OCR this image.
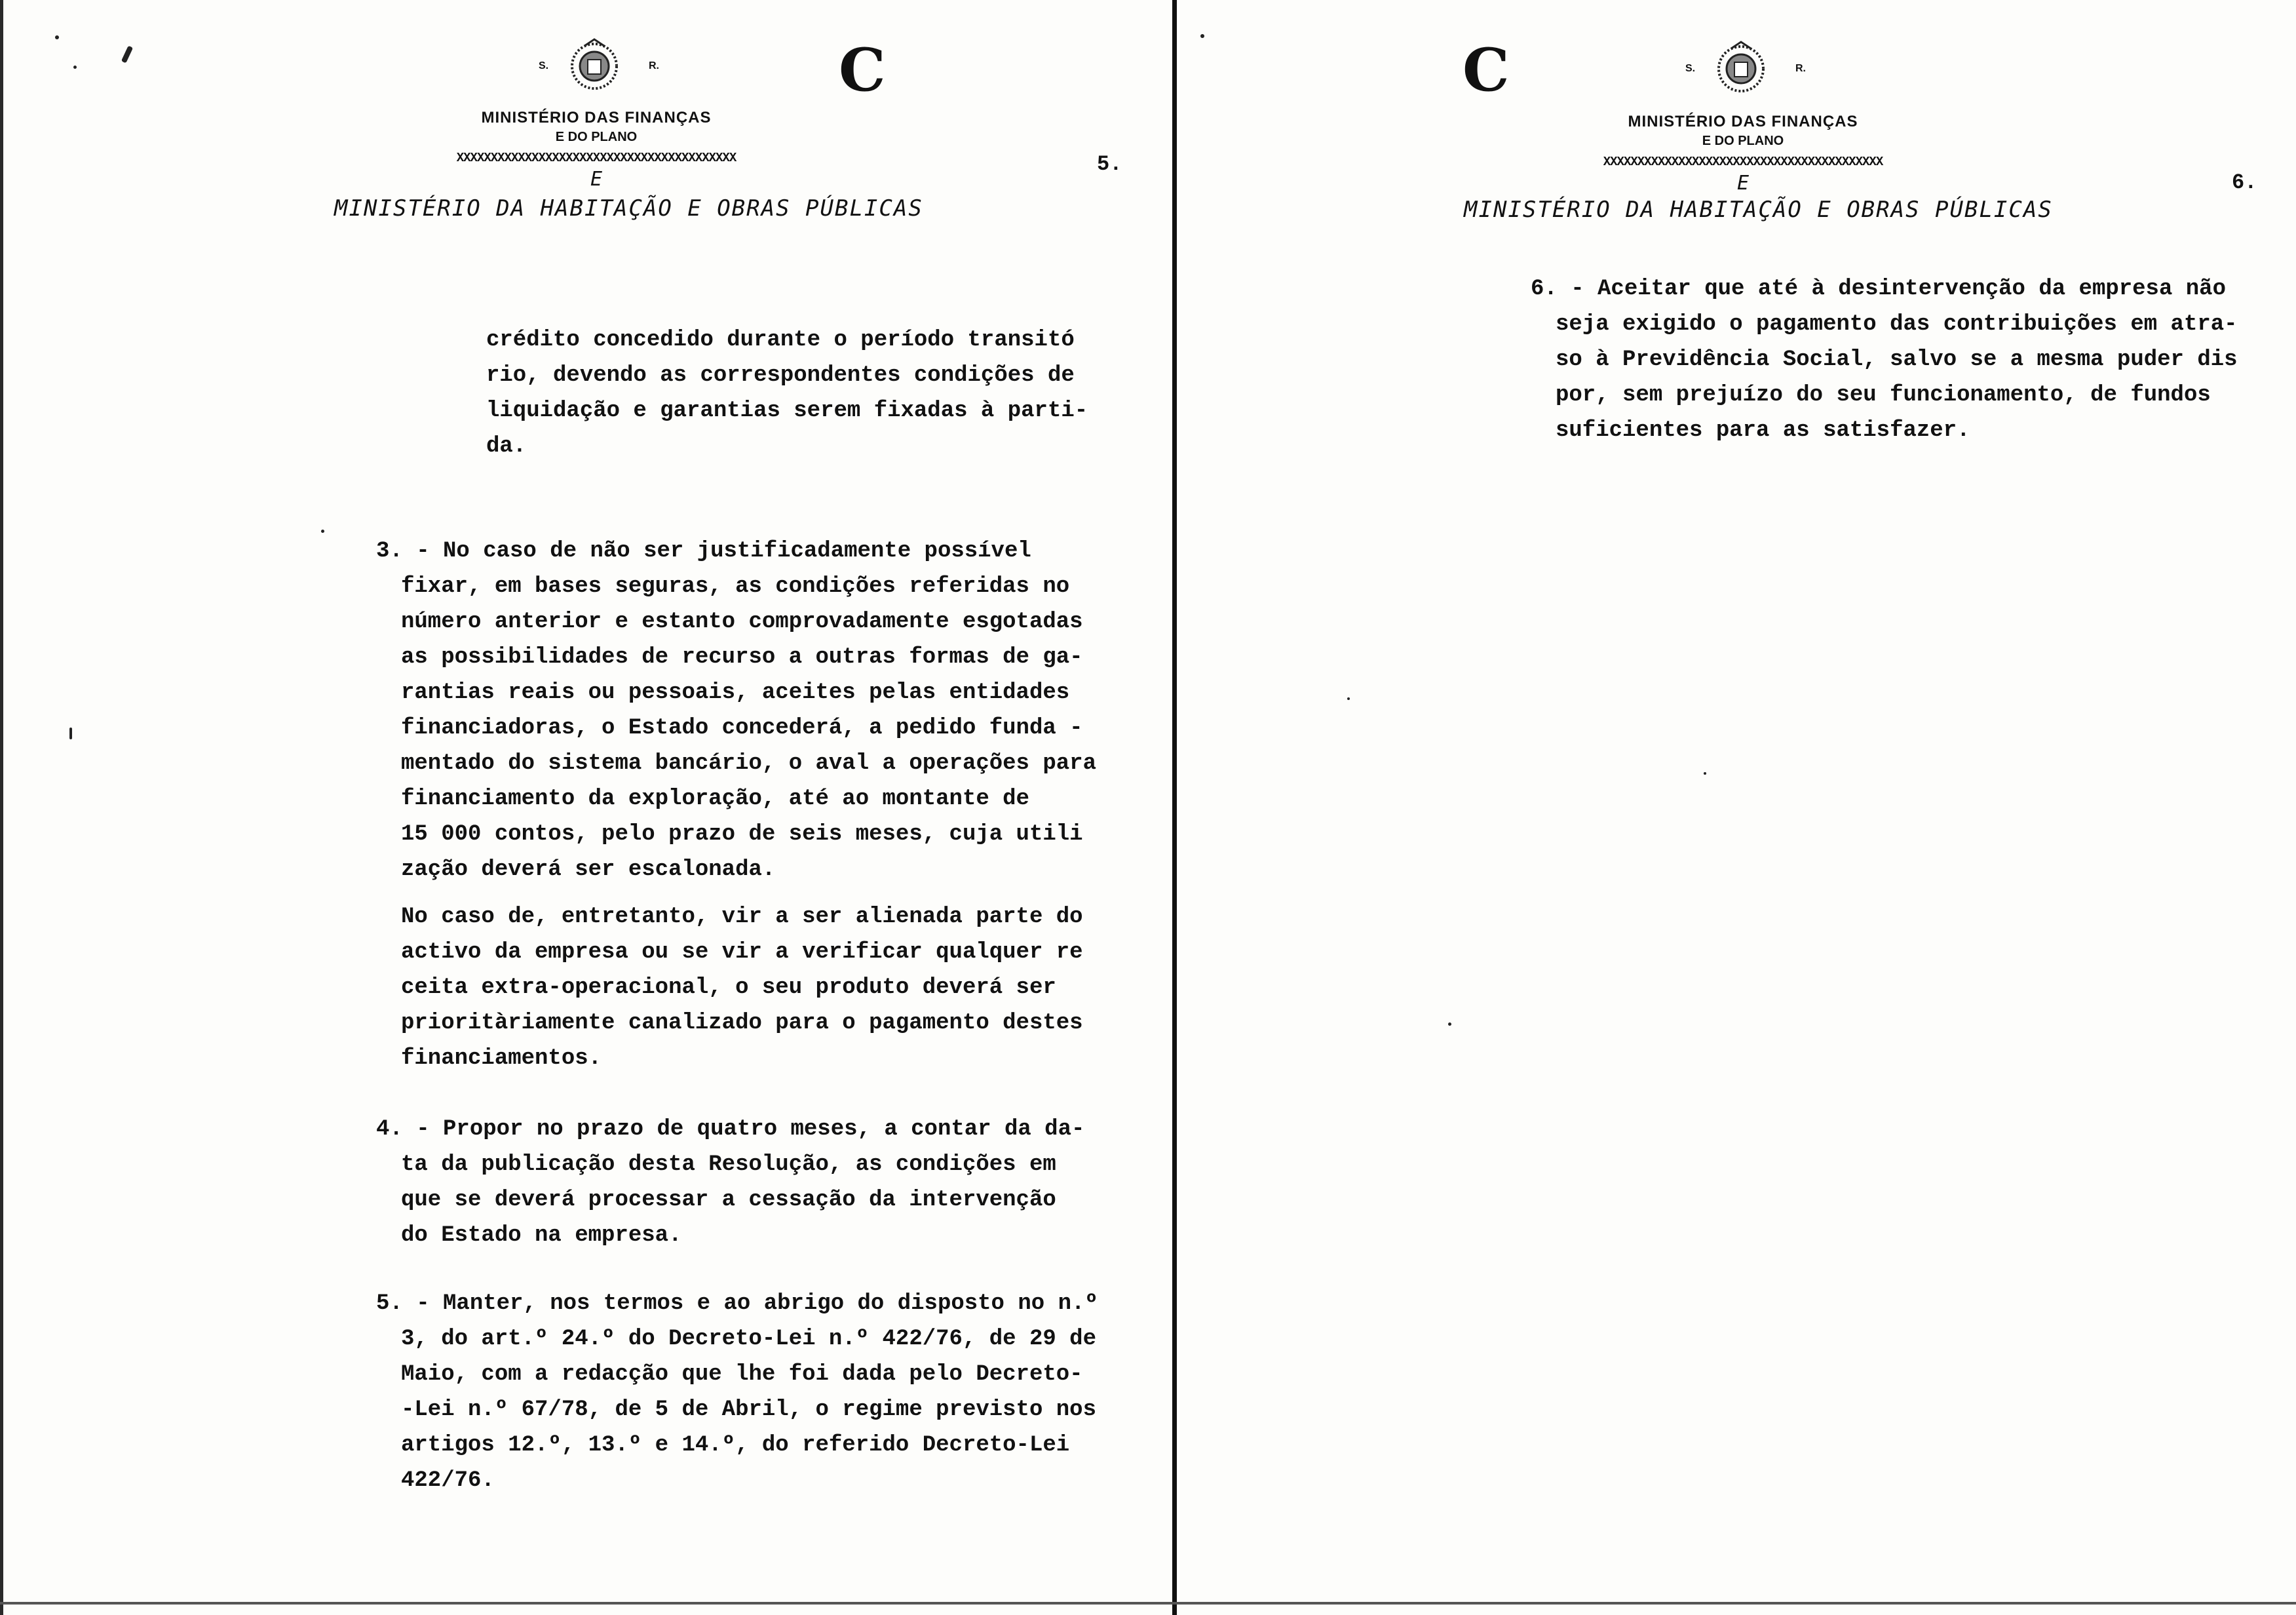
S.	R.	C
MINISTÉRIO DAS FINANÇAS
E DO PLANO
XXXXXXXXXXXXXXXXXXXXXXXXXXXXXXXXXXXXXXXXX
E
MINISTÉRIO DA HABITAÇÃO E OBRAS PÚBLICAS
5.
crédito concedido durante o período transitó
rio, devendo as correspondentes condições de
liquidação e garantias serem fixadas à parti-
da.
3. - No caso de não ser justificadamente possível
fixar, em bases seguras, as condições referidas no
número anterior e estanto comprovadamente esgotadas
as possibilidades de recurso a outras formas de ga-
rantias reais ou pessoais, aceites pelas entidades
financiadoras, o Estado concederá, a pedido funda -
mentado do sistema bancário, o aval a operações para
financiamento da exploração, até ao montante de
15 000 contos, pelo prazo de seis meses, cuja utili
zação deverá ser escalonada.
No caso de, entretanto, vir a ser alienada parte do
activo da empresa ou se vir a verificar qualquer re
ceita extra-operacional, o seu produto deverá ser
prioritàriamente canalizado para o pagamento destes
financiamentos.
4. - Propor no prazo de quatro meses, a contar da da-
ta da publicação desta Resolução, as condições em
que se deverá processar a cessação da intervenção
do Estado na empresa.
5. - Manter, nos termos e ao abrigo do disposto no n.º
3, do art.º 24.º do Decreto-Lei n.º 422/76, de 29 de
Maio, com a redacção que lhe foi dada pelo Decreto-
-Lei n.º 67/78, de 5 de Abril, o regime previsto nos
artigos 12.º, 13.º e 14.º, do referido Decreto-Lei
422/76.
C	S.	R.
MINISTÉRIO DAS FINANÇAS
E DO PLANO
XXXXXXXXXXXXXXXXXXXXXXXXXXXXXXXXXXXXXXXXX
E
MINISTÉRIO DA HABITAÇÃO E OBRAS PÚBLICAS
6.
6. - Aceitar que até à desintervenção da empresa não
seja exigido o pagamento das contribuições em atra-
so à Previdência Social, salvo se a mesma puder dis
por, sem prejuízo do seu funcionamento, de fundos
suficientes para as satisfazer.
